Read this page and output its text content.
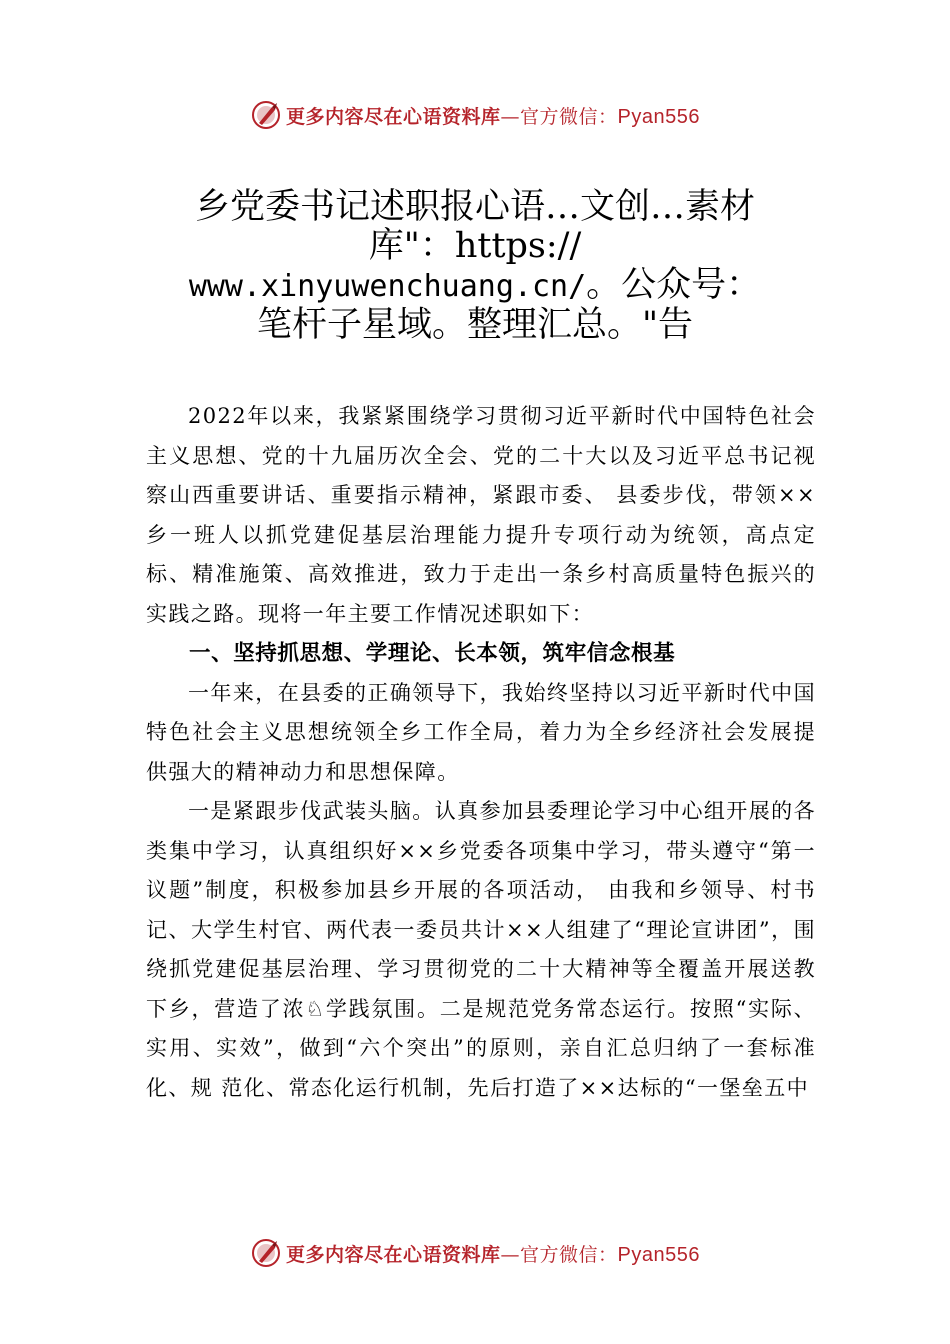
更多内容尽在心语资料库—官方微信：Pyan556
乡党委书记述职报心语…文创…素材
库"：https://
www.xinyuwenchuang.cn/。公众号：
笔杆子星域。整理汇总。"告

2022年以来，我紧紧围绕学习贯彻习近平新时代中国特色社会主义思想、党的十九届历次全会、党的二十大以及习近平总书记视察山西重要讲话、重要指示精神，紧跟市委、 县委步伐，带领××乡一班人以抓党建促基层治理能力提升专项行动为统领，高点定标、精准施策、高效推进，致力于走出一条乡村高质量特色振兴的实践之路。现将一年主要工作情况述职如下：

一、坚持抓思想、学理论、长本领，筑牢信念根基

一年来，在县委的正确领导下，我始终坚持以习近平新时代中国特色社会主义思想统领全乡工作全局，着力为全乡经济社会发展提供强大的精神动力和思想保障。

一是紧跟步伐武装头脑。认真参加县委理论学习中心组开展的各类集中学习，认真组织好××乡党委各项集中学习，带头遵守“第一议题”制度，积极参加县乡开展的各项活动， 由我和乡领导、村书记、大学生村官、两代表一委员共计××人组建了“理论宣讲团”，围绕抓党建促基层治理、学习贯彻党的二十大精神等全覆盖开展送教下乡，营造了浓♘学践氛围。二是规范党务常态运行。按照“实际、实用、实效”，做到“六个突出”的原则，亲自汇总归纳了一套标准化、规 范化、常态化运行机制，先后打造了××达标的“一堡垒五中

更多内容尽在心语资料库—官方微信：Pyan556
